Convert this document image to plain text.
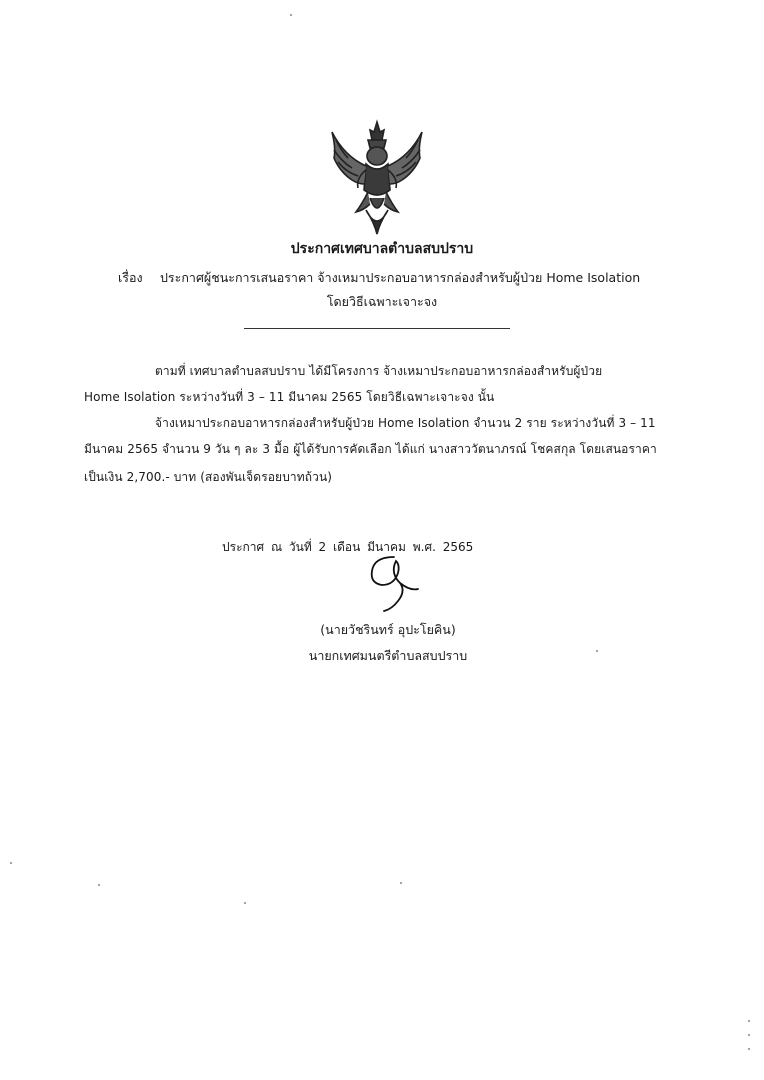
ประกาศเทศบาลตำบลสบปราบ
เรื่อง ประกาศผู้ชนะการเสนอราคา จ้างเหมาประกอบอาหารกล่องสำหรับผู้ป่วย Home Isolation
โดยวิธีเฉพาะเจาะจง
ตามที่ เทศบาลตำบลสบปราบ ได้มีโครงการ จ้างเหมาประกอบอาหารกล่องสำหรับผู้ป่วย
Home Isolation ระหว่างวันที่ 3 – 11 มีนาคม 2565 โดยวิธีเฉพาะเจาะจง นั้น
จ้างเหมาประกอบอาหารกล่องสำหรับผู้ป่วย Home Isolation จำนวน 2 ราย ระหว่างวันที่ 3 – 11
มีนาคม 2565 จำนวน 9 วัน ๆ ละ 3 มื้อ ผู้ได้รับการคัดเลือก ได้แก่ นางสาววัตนาภรณ์ โชคสกุล โดยเสนอราคา
เป็นเงิน 2,700.- บาท (สองพันเจ็ดรอยบาทถ้วน)
ประกาศ ณ วันที่ 2 เดือน มีนาคม พ.ศ. 2565
(นายวัชรินทร์ อุปะโยคิน)
นายกเทศมนตรีตำบลสบปราบ
